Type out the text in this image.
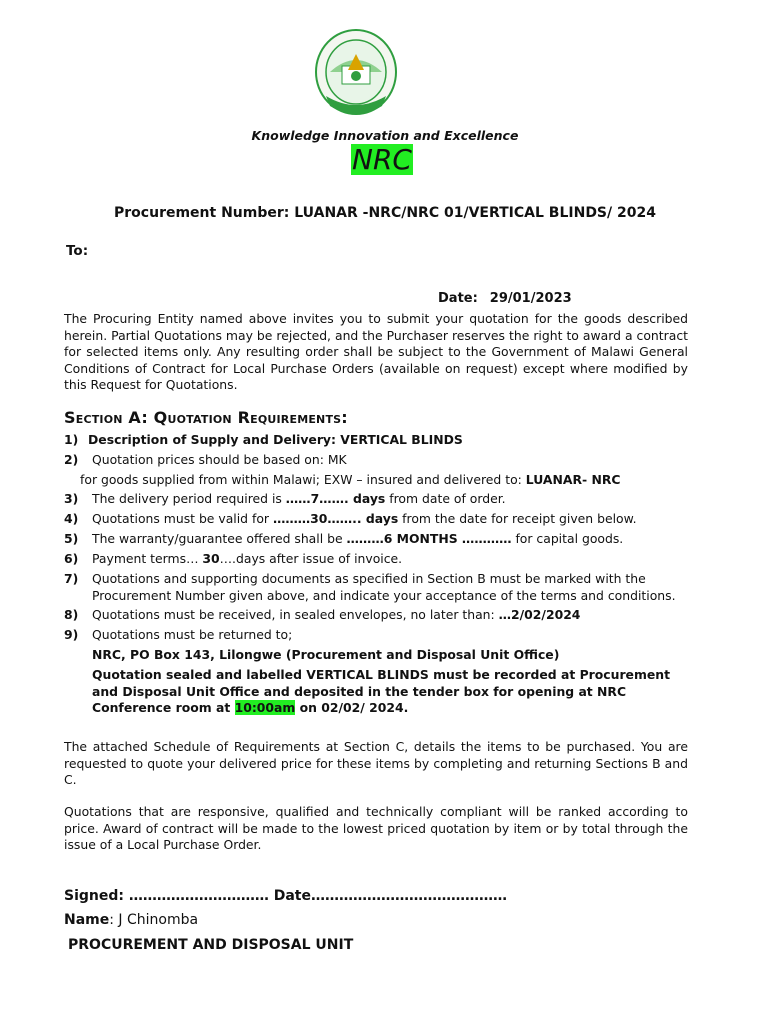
Knowledge Innovation and Excellence
NRC
Procurement Number: LUANAR -NRC/NRC 01/VERTICAL BLINDS/ 2024
To:
Date: 29/01/2023
The Procuring Entity named above invites you to submit your quotation for the goods described herein. Partial Quotations may be rejected, and the Purchaser reserves the right to award a contract for selected items only. Any resulting order shall be subject to the Government of Malawi General Conditions of Contract for Local Purchase Orders (available on request) except where modified by this Request for Quotations.
Section A: Quotation Requirements:
1) Description of Supply and Delivery: VERTICAL BLINDS
2) Quotation prices should be based on: MK
for goods supplied from within Malawi; EXW – insured and delivered to: LUANAR- NRC
3) The delivery period required is ……7……. days from date of order.
4) Quotations must be valid for ………30…….. days from the date for receipt given below.
5) The warranty/guarantee offered shall be ………6 MONTHS ………… for capital goods.
6) Payment terms… 30….days after issue of invoice.
7) Quotations and supporting documents as specified in Section B must be marked with the Procurement Number given above, and indicate your acceptance of the terms and conditions.
8) Quotations must be received, in sealed envelopes, no later than: …2/02/2024
9) Quotations must be returned to;
NRC, PO Box 143, Lilongwe (Procurement and Disposal Unit Office)
Quotation sealed and labelled VERTICAL BLINDS must be recorded at Procurement and Disposal Unit Office and deposited in the tender box for opening at NRC Conference room at 10:00am on 02/02/ 2024.
The attached Schedule of Requirements at Section C, details the items to be purchased. You are requested to quote your delivered price for these items by completing and returning Sections B and C.
Quotations that are responsive, qualified and technically compliant will be ranked according to price. Award of contract will be made to the lowest priced quotation by item or by total through the issue of a Local Purchase Order.
Signed: ………………………… Date……………………………………
Name: J Chinomba
PROCUREMENT AND DISPOSAL UNIT
